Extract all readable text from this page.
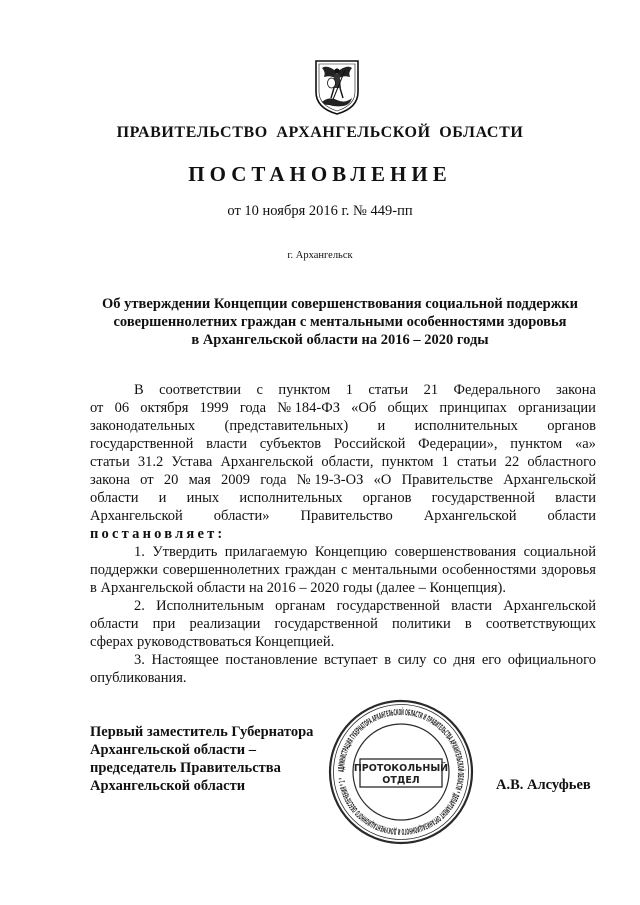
ПРАВИТЕЛЬСТВО АРХАНГЕЛЬСКОЙ ОБЛАСТИ
ПОСТАНОВЛЕНИЕ
от 10 ноября 2016 г. № 449-пп
г. Архангельск
Об утверждении Концепции совершенствования социальной поддержки
совершеннолетних граждан с ментальными особенностями здоровья
в Архангельской области на 2016 – 2020 годы
В соответствии с пунктом 1 статьи 21 Федерального закона
от 06 октября 1999 года № 184-ФЗ «Об общих принципах организации
законодательных (представительных) и исполнительных органов
государственной власти субъектов Российской Федерации», пунктом «а»
статьи 31.2 Устава Архангельской области, пунктом 1 статьи 22 областного
закона от 20 мая 2009 года № 19-3-ОЗ «О Правительстве Архангельской
области и иных исполнительных органов государственной власти
Архангельской области» Правительство Архангельской области
постановляет:
1. Утвердить прилагаемую Концепцию совершенствования социальной
поддержки совершеннолетних граждан с ментальными особенностями здоровья
в Архангельской области на 2016 – 2020 годы (далее – Концепция).
2. Исполнительным органам государственной власти Архангельской
области при реализации государственной политики в соответствующих
сферах руководствоваться Концепцией.
3. Настоящее постановление вступает в силу со дня его официального
опубликования.
Первый заместитель Губернатора
Архангельской области –
председатель Правительства
Архангельской области
АДМИНИСТРАЦИЯ ГУБЕРНАТОРА АРХАНГЕЛЬСКОЙ ОБЛАСТИ И ПРАВИТЕЛЬСТВА АРХАНГЕЛЬСКОЙ ОБЛАСТИ * ДЕПАРТАМЕНТ ОРГАНИЗАЦИОННОГО И ДОКУМЕНТАЦИОННОГО ОБЕСПЕЧЕНИЯ * 1 *
ПРОТОКОЛЬНЫЙ
ОТДЕЛ	А.В. Алсуфьев
